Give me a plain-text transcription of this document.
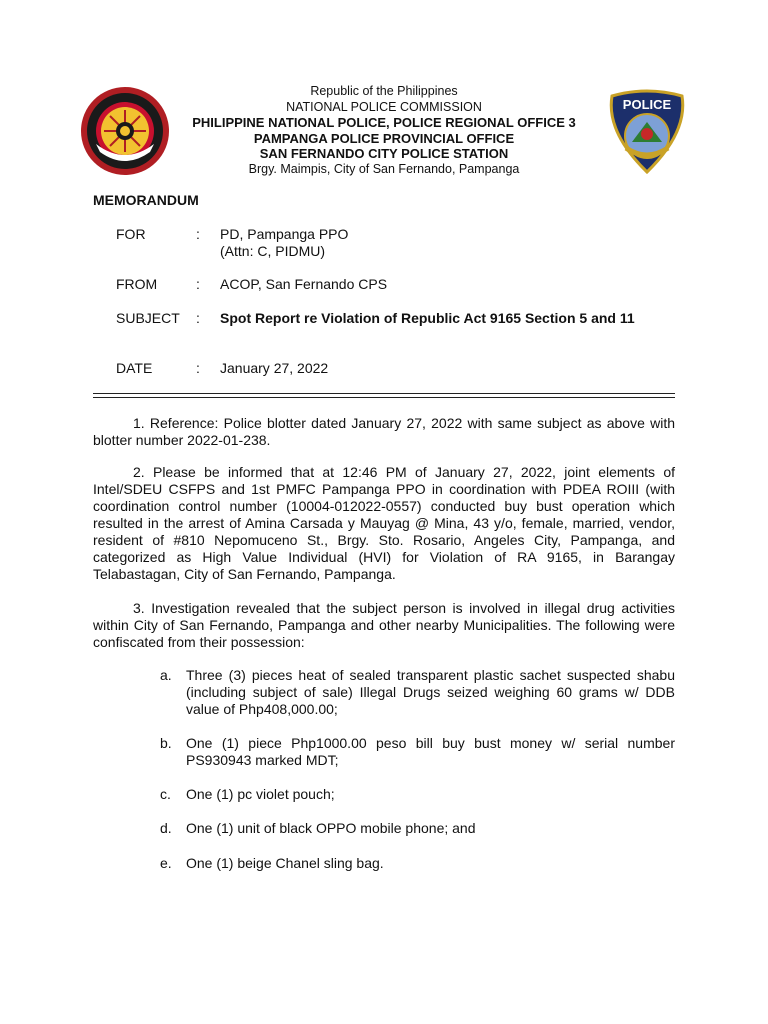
POLICE
Republic of the Philippines
NATIONAL POLICE COMMISSION
PHILIPPINE NATIONAL POLICE, POLICE REGIONAL OFFICE 3
PAMPANGA POLICE PROVINCIAL OFFICE
SAN FERNANDO CITY POLICE STATION
Brgy. Maimpis, City of San Fernando, Pampanga
MEMORANDUM
FOR	: PD, Pampanga PPO
(Attn: C, PIDMU)
FROM	: ACOP, San Fernando CPS
SUBJECT : Spot Report re Violation of Republic Act 9165 Section 5 and 11
DATE	: January 27, 2022
1. Reference: Police blotter dated January 27, 2022 with same subject as above with blotter number 2022-01-238.
2. Please be informed that at 12:46 PM of January 27, 2022, joint elements of Intel/SDEU CSFPS and 1st PMFC Pampanga PPO in coordination with PDEA ROIII (with coordination control number (10004-012022-0557) conducted buy bust operation which resulted in the arrest of Amina Carsada y Mauyag @ Mina, 43 y/o, female, married, vendor, resident of #810 Nepomuceno St., Brgy. Sto. Rosario, Angeles City, Pampanga, and categorized as High Value Individual (HVI) for Violation of RA 9165, in Barangay Telabastagan, City of San Fernando, Pampanga.
3. Investigation revealed that the subject person is involved in illegal drug activities within City of San Fernando, Pampanga and other nearby Municipalities. The following were confiscated from their possession:
a. Three (3) pieces heat of sealed transparent plastic sachet suspected shabu (including subject of sale) Illegal Drugs seized weighing 60 grams w/ DDB value of Php408,000.00;
b. One (1) piece Php1000.00 peso bill buy bust money w/ serial number PS930943 marked MDT;
c. One (1) pc violet pouch;
d. One (1) unit of black OPPO mobile phone; and
e. One (1) beige Chanel sling bag.
